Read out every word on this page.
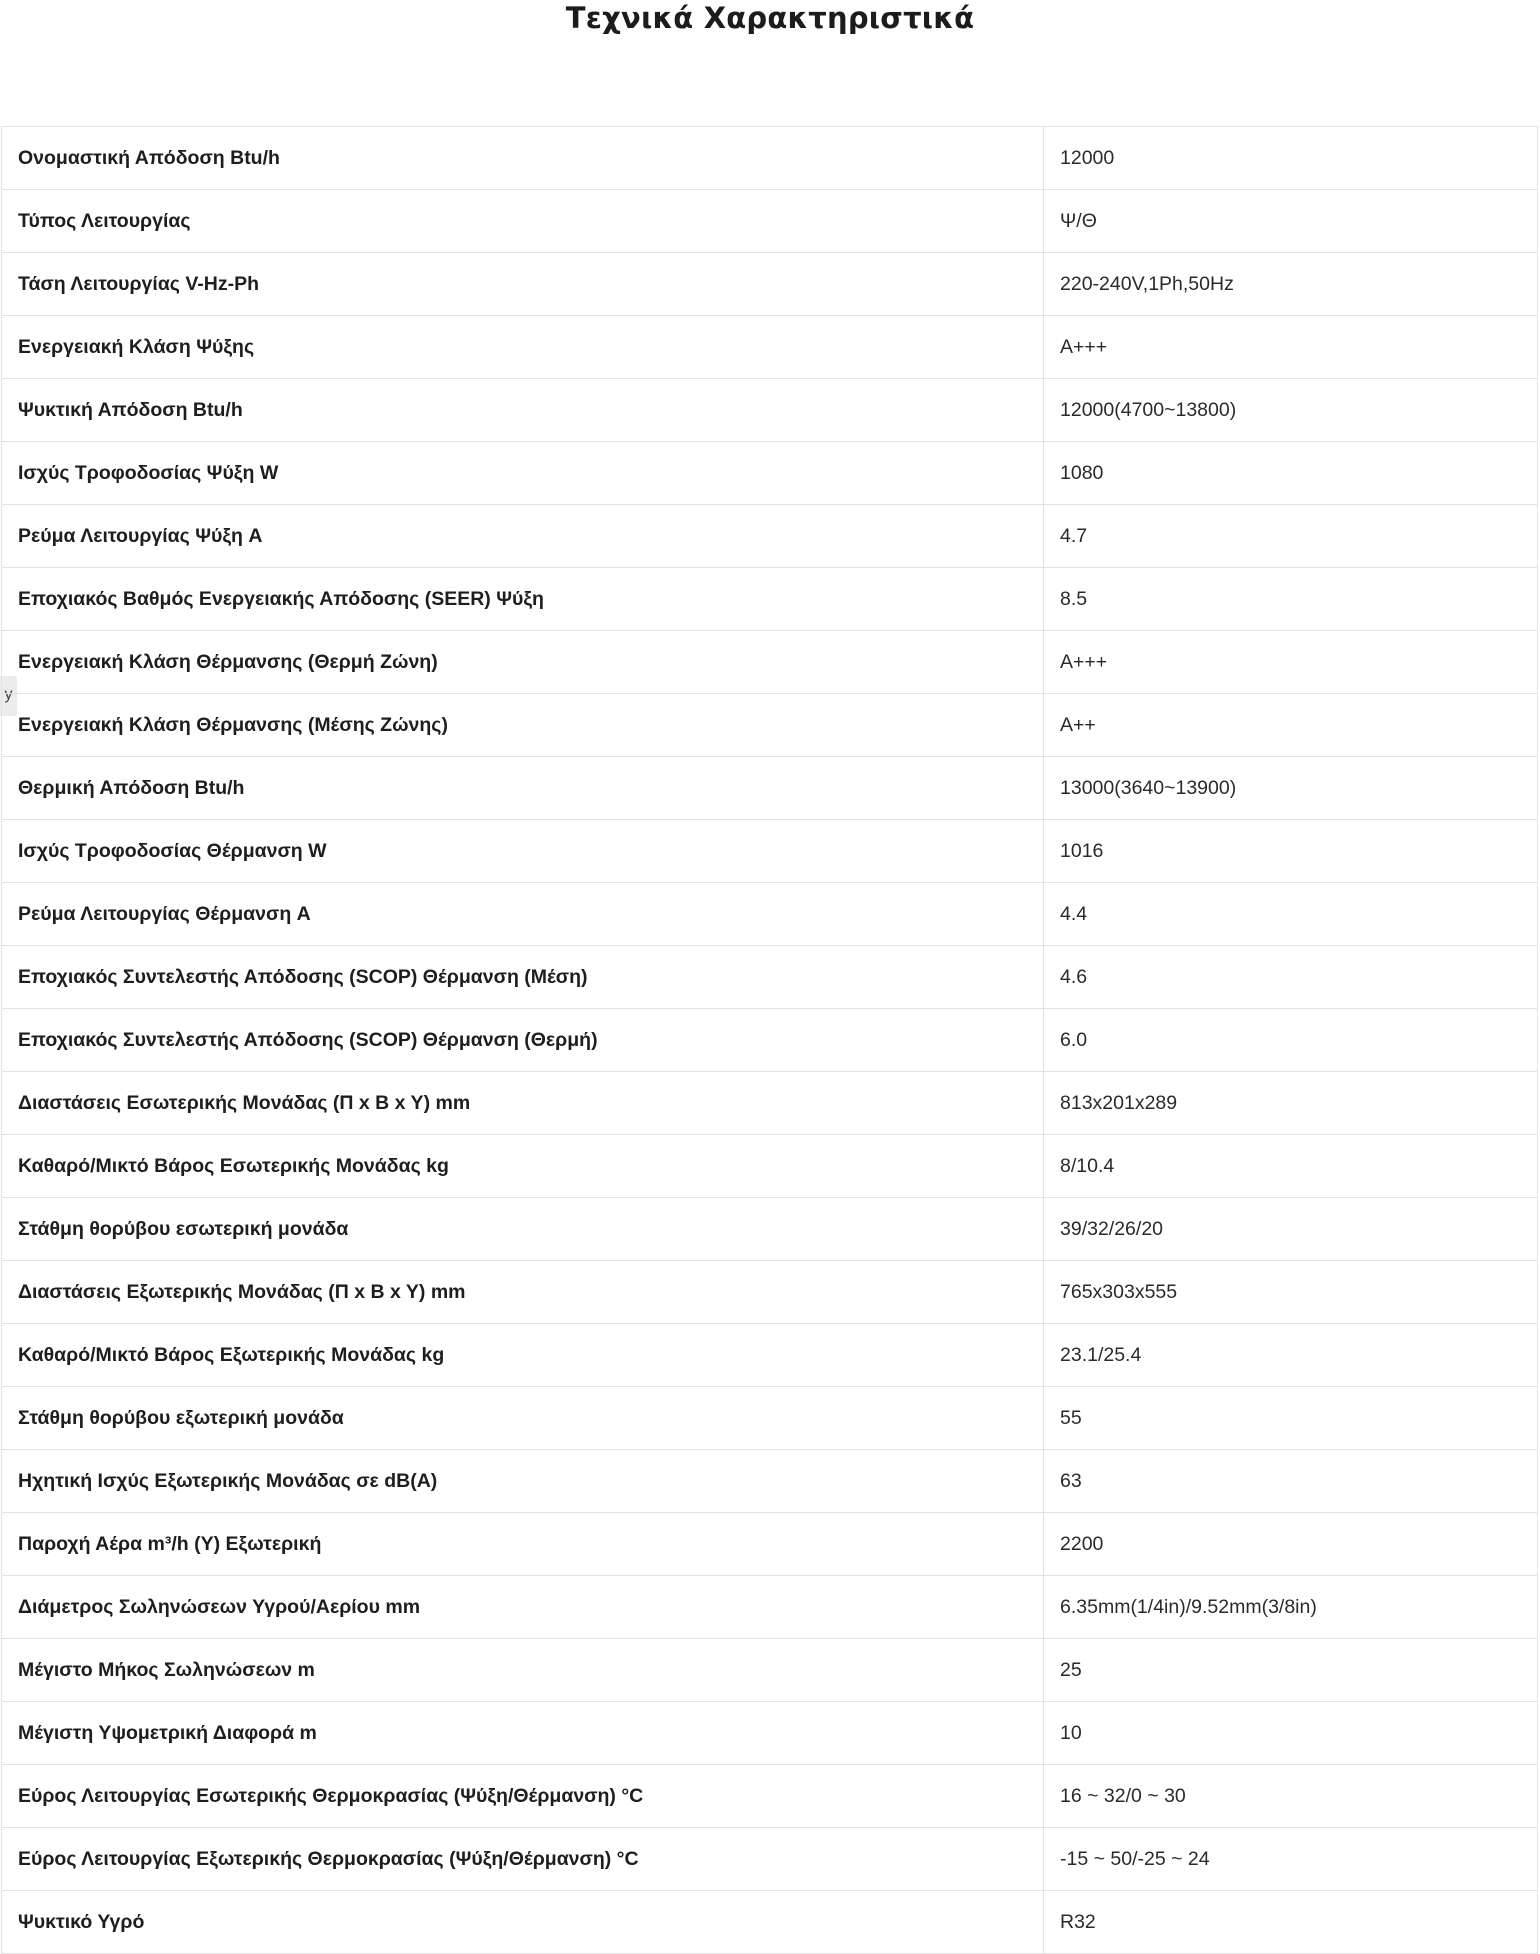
Τεχνικά Χαρακτηριστικά
y
Ονομαστική Απόδοση Btu/h	12000
Τύπος Λειτουργίας	Ψ/Θ
Τάση Λειτουργίας V-Hz-Ph	220-240V,1Ph,50Hz
Ενεργειακή Κλάση Ψύξης	A+++
Ψυκτική Απόδοση Btu/h	12000(4700~13800)
Ισχύς Τροφοδοσίας Ψύξη W	1080
Ρεύμα Λειτουργίας Ψύξη A	4.7
Εποχιακός Βαθμός Ενεργειακής Απόδοσης (SEER) Ψύξη	8.5
Ενεργειακή Κλάση Θέρμανσης (Θερμή Ζώνη)	A+++
Ενεργειακή Κλάση Θέρμανσης (Μέσης Ζώνης)	A++
Θερμική Απόδοση Btu/h	13000(3640~13900)
Ισχύς Τροφοδοσίας Θέρμανση W	1016
Ρεύμα Λειτουργίας Θέρμανση A	4.4
Εποχιακός Συντελεστής Απόδοσης (SCOP) Θέρμανση (Μέση)	4.6
Εποχιακός Συντελεστής Απόδοσης (SCOP) Θέρμανση (Θερμή)	6.0
Διαστάσεις Εσωτερικής Μονάδας (Π x B x Y) mm	813x201x289
Καθαρό/Μικτό Βάρος Εσωτερικής Μονάδας kg	8/10.4
Στάθμη θορύβου εσωτερική μονάδα	39/32/26/20
Διαστάσεις Εξωτερικής Μονάδας (Π x B x Y) mm	765x303x555
Καθαρό/Μικτό Βάρος Εξωτερικής Μονάδας kg	23.1/25.4
Στάθμη θορύβου εξωτερική μονάδα	55
Ηχητική Ισχύς Εξωτερικής Μονάδας σε dB(A)	63
Παροχή Αέρα m³/h (Y) Εξωτερική	2200
Διάμετρος Σωληνώσεων Υγρού/Αερίου mm	6.35mm(1/4in)/9.52mm(3/8in)
Μέγιστο Μήκος Σωληνώσεων m	25
Μέγιστη Υψομετρική Διαφορά m	10
Εύρος Λειτουργίας Εσωτερικής Θερμοκρασίας (Ψύξη/Θέρμανση) °C	16 ~ 32/0 ~ 30
Εύρος Λειτουργίας Εξωτερικής Θερμοκρασίας (Ψύξη/Θέρμανση) °C	-15 ~ 50/-25 ~ 24
Ψυκτικό Υγρό	R32
